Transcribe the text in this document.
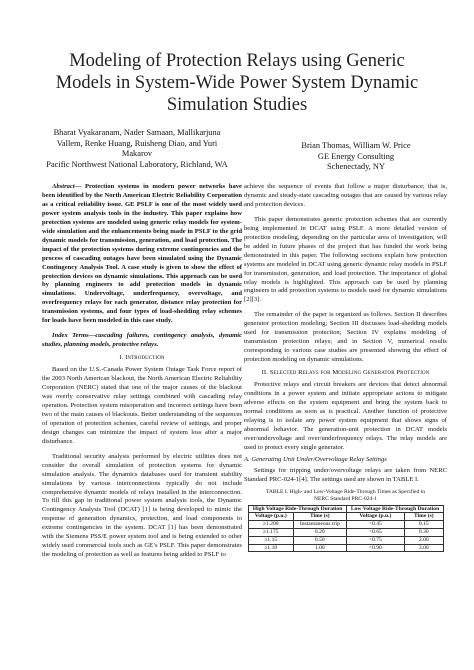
Modeling of Protection Relays using Generic
Models in System-Wide Power System Dynamic
Simulation Studies
Bharat Vyakaranam, Nader Samaan, Mallikarjuna
Vallem, Renke Huang, Ruisheng Diao, and Yuri
Makarov
Pacific Northwest National Laboratory, Richland, WA
Brian Thomas, William W. Price
GE Energy Consulting
Schenectady, NY

Abstract— Protection systems in modern power networks have been identified by the North American Electric Reliability Corporation as a critical reliability issue. GE PSLF is one of the most widely used power system analysis tools in the industry. This paper explains how protection systems are modeled using generic relay models for system-wide simulation and the enhancements being made in PSLF to the grid dynamic models for transmission, generation, and load protection. The impact of the protection systems during extreme contingencies and the process of cascading outages have been simulated using the Dynamic Contingency Analysis Tool. A case study is given to show the effect of protection devices on dynamic simulations. This approach can be used by planning engineers to add protection models in dynamic simulations. Undervoltage, underfrequency, overvoltage, and overfrequency relays for each generator, distance relay protection for transmission systems, and four types of load-shedding relay schemes for loads have been modeled in this case study.

Index Terms—cascading failures, contingency analysis, dynamic studies, planning models, protective relays.

I. Introduction

Based on the U.S.-Canada Power System Outage Task Force report of the 2003 North American blackout, the North American Electric Reliability Corporation (NERC) stated that one of the major causes of the blackout was overly conservative relay settings combined with cascading relay operation. Protection system misoperation and incorrect settings have been two of the main causes of blackouts. Better understanding of the sequences of operation of protection schemes, careful review of settings, and proper design changes can minimize the impact of system loss after a major disturbance.

Traditional security analysis performed by electric utilities does not consider the overall simulation of protection systems for dynamic simulation analysis. The dynamics databases used for transient stability simulations by various interconnections typically do not include comprehensive dynamic models of relays installed in the interconnection. To fill this gap in traditional power system analysis tools, the Dynamic Contingency Analysis Tool (DCAT) [1] is being developed to mimic the response of generation dynamics, protection, and load components to extreme contingencies in the system. DCAT [1] has been demonstrated with the Siemens PSS/E power system tool and is being extended to other widely used commercial tools such as GE’s PSLF. This paper demonstrates the modeling of protection as well as features being added to PSLF to

achieve the sequence of events that follow a major disturbance; that is, dynamic and steady-state cascading outages that are caused by various relay and protection devices.

This paper demonstrates generic protection schemes that are currently being implemented in DCAT using PSLF. A more detailed version of protection modeling, depending on the particular area of investigation, will be added in future phases of the project that has funded the work being demonstrated in this paper. The following sections explain how protection systems are modeled in DCAT using generic dynamic relay models in PSLF for transmission, generation, and load protection. The importance of global relay models is highlighted. This approach can be used by planning engineers to add protection systems to models used for dynamic simulations [2][3].

The remainder of the paper is organized as follows. Section II describes generator protection modeling; Section III discusses load-shedding models used for transmission protection; Section IV explains modeling of transmission protection relays; and in Section V, numerical results corresponding to various case studies are presented showing the effect of protection modeling on dynamic simulations.

II. Selected Relays for Modeling Generator Protection

Protective relays and circuit breakers are devices that detect abnormal conditions in a power system and initiate appropriate actions to mitigate adverse effects on the system equipment and bring the system back to normal conditions as soon as is practical. Another function of protective relaying is to isolate any power system equipment that shows signs of abnormal behavior. The generation-unit protection in DCAT models over/undervoltage and over/underfrequency relays. The relay models are used to protect every single generator.

A. Generating Unit Under/Overvoltage Relay Settings

Settings for tripping under/overvoltage relays are taken from NERC Standard PRC-024-1[4]. The settings used are shown in TABLE I.

TABLE I. High- and Low-Voltage Ride-Through Times as Specified in
NERC Standard PRC-024-1
High Voltage Ride-Through Duration		Low Voltage Ride-Through Duration	
Voltage (p.u.)	Time (s)	Voltage (p.u.)	Time (s)
≥1.200	Instantaneous trip	<0.45	0.15
≥1.175	0.20	<0.65	0.30
≥1.15	0.50	<0.75	2.00
≥1.10	1.00	<0.90	3.00
